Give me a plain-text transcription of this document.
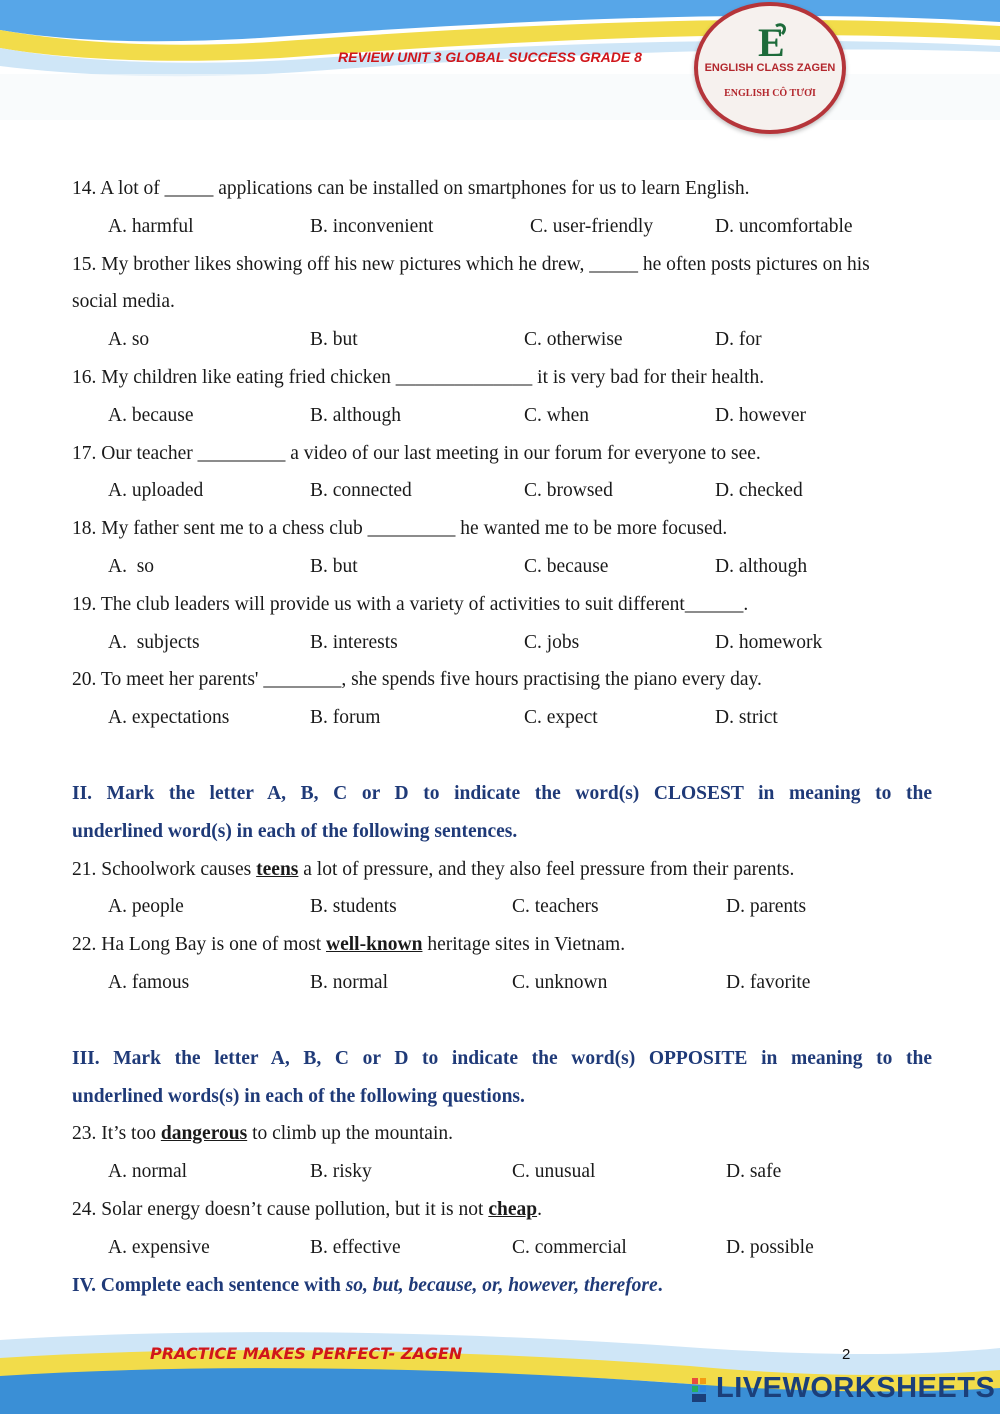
REVIEW UNIT 3 GLOBAL SUCCESS GRADE 8	E
ENGLISH CLASS ZAGEN
ENGLISH CÔ TƯƠI
14. A lot of _____ applications can be installed on smartphones for us to learn English.
A. harmful	B. inconvenient	C. user-friendly	D. uncomfortable
15. My brother likes showing off his new pictures which he drew, _____ he often posts pictures on his
social media.
A. so	B. but	C. otherwise	D. for
16. My children like eating fried chicken ______________ it is very bad for their health.
A. because	B. although	C. when	D. however
17. Our teacher _________ a video of our last meeting in our forum for everyone to see.
A. uploaded	B. connected	C. browsed	D. checked
18. My father sent me to a chess club _________ he wanted me to be more focused.
A.  so	B. but	C. because	D. although
19. The club leaders will provide us with a variety of activities to suit different______.
A.  subjects	B. interests	C. jobs	D. homework
20. To meet her parents' ________, she spends five hours practising the piano every day.
A. expectations	B. forum	C. expect	D. strict
II. Mark the letter A, B, C or D to indicate the word(s) CLOSEST in meaning to the
underlined word(s) in each of the following sentences.
21. Schoolwork causes teens a lot of pressure, and they also feel pressure from their parents.
A. people	B. students	C. teachers	D. parents
22. Ha Long Bay is one of most well-known heritage sites in Vietnam.
A. famous	B. normal	C. unknown	D. favorite
III. Mark the letter A, B, C or D to indicate the word(s) OPPOSITE in meaning to the
underlined words(s) in each of the following questions.
23. It’s too dangerous to climb up the mountain.
A. normal	B. risky	C. unusual	D. safe
24. Solar energy doesn’t cause pollution, but it is not cheap.
A. expensive	B. effective	C. commercial	D. possible
IV. Complete each sentence with so, but, because, or, however, therefore.
PRACTICE MAKES PERFECT- ZAGEN	2
LIVEWORKSHEETS
